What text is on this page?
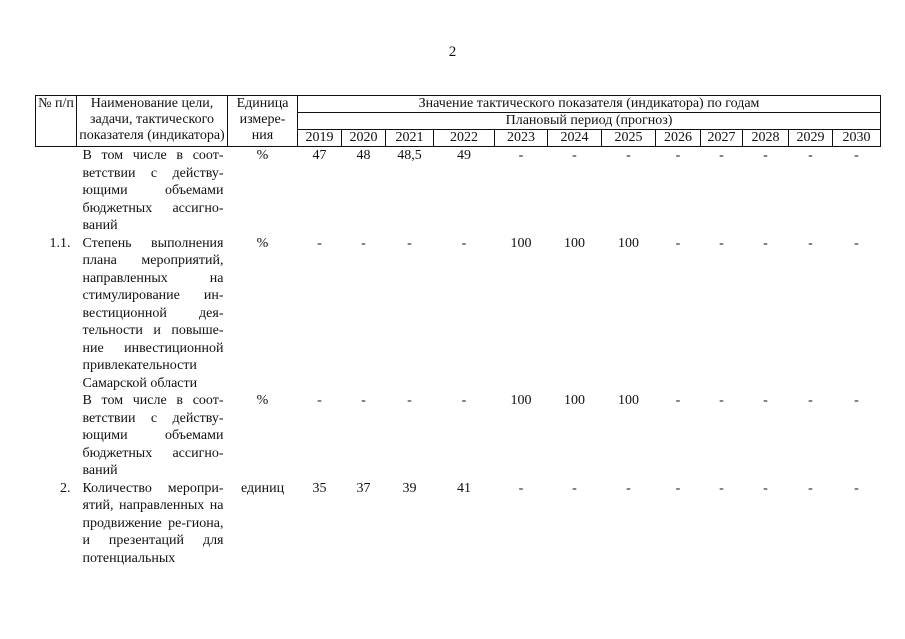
2
№ п/п	Наименование цели, задачи, тактического показателя (индикатора)	Единица измере-ния	Значение тактического показателя (индикатора) по годам											
			Плановый период (прогноз)											
			2019	2020	2021	2022	2023	2024	2025	2026	2027	2028	2029	2030
	В том числе в соот-ветствии с действу-ющими объемами бюджетных ассигно-ваний	%	47	48	48,5	49	-	-	-	-	-	-	-	-
1.1.	Степень выполнения плана мероприятий, направленных на стимулирование ин-вестиционной дея-тельности и повыше-ние инвестиционной привлекательности Самарской области	%	-	-	-	-	100	100	100	-	-	-	-	-
	В том числе в соот-ветствии с действу-ющими объемами бюджетных ассигно-ваний	%	-	-	-	-	100	100	100	-	-	-	-	-
2.	Количество меропри-ятий, направленных на продвижение ре-гиона, и презентаций для потенциальных	единиц	35	37	39	41	-	-	-	-	-	-	-	-
